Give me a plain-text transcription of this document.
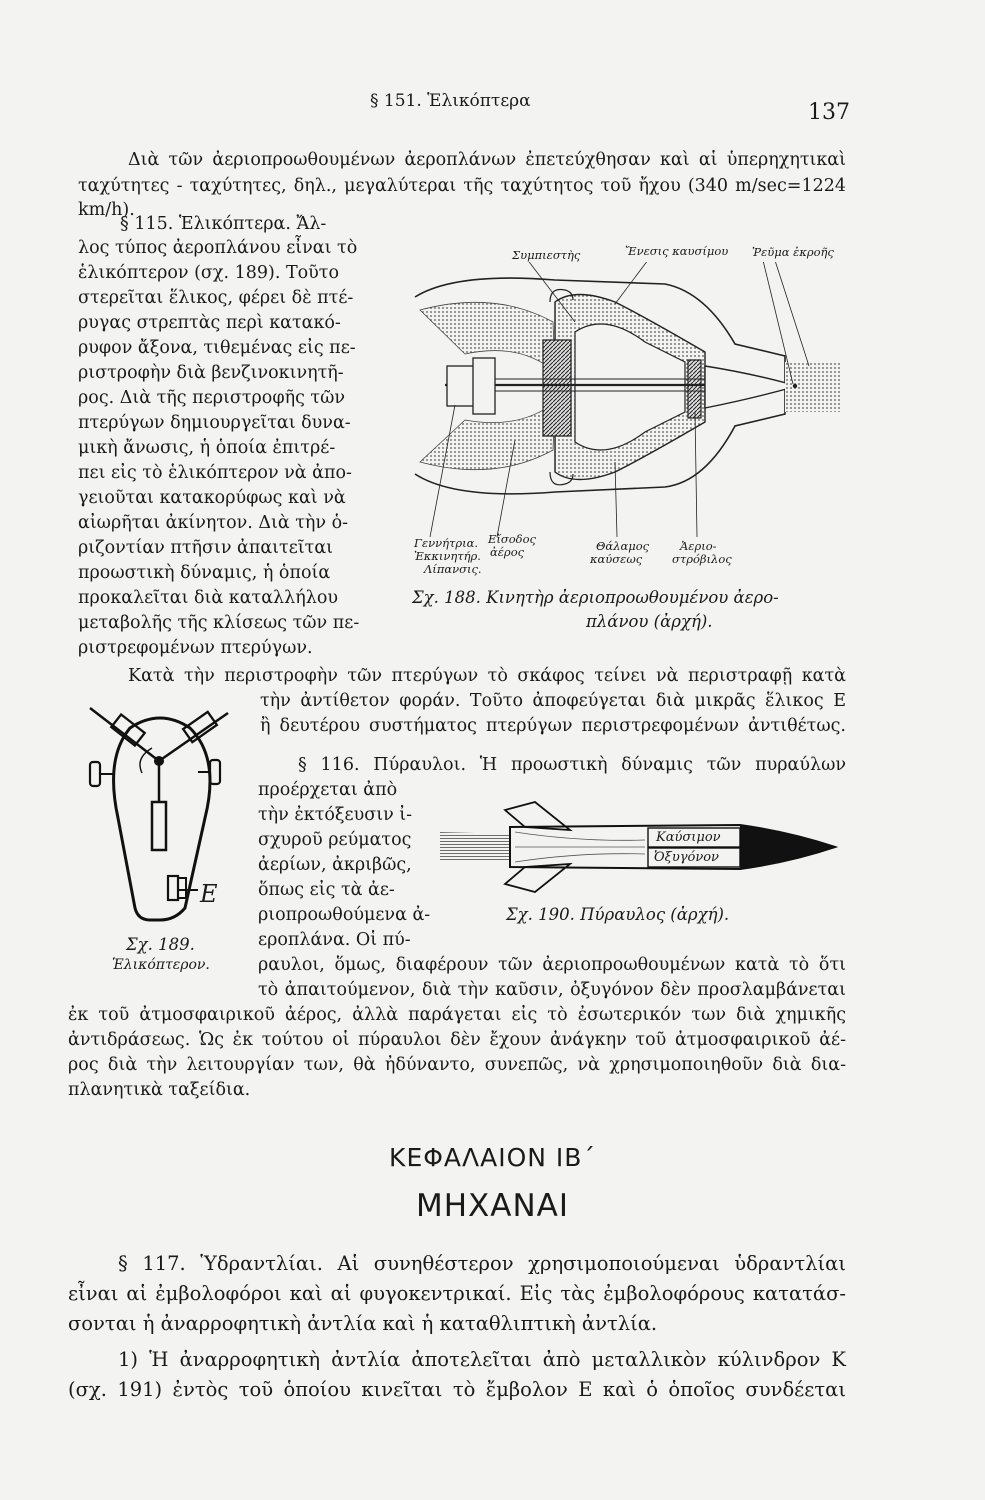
§ 151. Ἑλικόπτερα	137
Διὰ τῶν ἀεριοπροωθουμένων ἀεροπλάνων ἐπετεύχθησαν καὶ αἱ ὑπερηχητικαὶ
ταχύτητες - ταχύτητες, δηλ., μεγαλύτεραι τῆς ταχύτητος τοῦ ἤχου (340 m/sec=1224 km/h).
§ 115. Ἑλικόπτερα. Ἄλ-
λος τύπος ἀεροπλάνου εἶναι τὸ
ἑλικόπτερον (σχ. 189). Τοῦτο
στερεῖται ἕλικος, φέρει δὲ πτέ-
ρυγας στρεπτὰς περὶ κατακό-
ρυφον ἄξονα, τιθεμένας εἰς πε-
ριστροφὴν διὰ βενζινοκινητῆ-
ρος. Διὰ τῆς περιστροφῆς τῶν
πτερύγων δημιουργεῖται δυνα-
μικὴ ἄνωσις, ἡ ὁποία ἐπιτρέ-
πει εἰς τὸ ἑλικόπτερον νὰ ἀπο-
γειοῦται κατακορύφως καὶ νὰ
αἰωρῆται ἀκίνητον. Διὰ τὴν ὁ-
ριζοντίαν πτῆσιν ἀπαιτεῖται
προωστικὴ δύναμις, ἡ ὁποία
προκαλεῖται διὰ καταλλήλου
μεταβολῆς τῆς κλίσεως τῶν πε-
ριστρεφομένων πτερύγων.
Συμπιεστὴς	Ἔνεσις καυσίμου Ῥεῦμα ἐκροῆς
Γεννήτρια.
Ἐκκινητήρ.
Λίπανσις.
Εἴσοδος
ἀέρος	Θάλαμος
καύσεως
Ἀεριο-
στρόβιλος
Σχ. 188. Κινητὴρ ἀεριοπροωθουμένου ἀερο-
πλάνου (ἀρχή).
Κατὰ τὴν περιστροφὴν τῶν πτερύγων τὸ σκάφος τείνει νὰ περιστραφῇ κατὰ
τὴν ἀντίθετον φοράν. Τοῦτο ἀποφεύγεται διὰ μικρᾶς ἕλικος E
ἢ δευτέρου συστήματος πτερύγων περιστρεφομένων ἀντιθέτως.
E
Σχ. 189.
Ἑλικόπτερον.
§ 116. Πύραυλοι. Ἡ προωστικὴ δύναμις τῶν πυραύλων
προέρχεται ἀπὸ
τὴν ἐκτόξευσιν ἰ-
σχυροῦ ρεύματος
ἀερίων, ἀκριβῶς,
ὅπως εἰς τὰ ἀε-
ριοπροωθούμενα ἀ-
εροπλάνα. Οἱ πύ-
Καύσιμον
Ὀξυγόνον
Σχ. 190. Πύραυλος (ἀρχή).
ραυλοι, ὅμως, διαφέρουν τῶν ἀεριοπροωθουμένων κατὰ τὸ ὅτι
τὸ ἀπαιτούμενον, διὰ τὴν καῦσιν, ὀξυγόνον δὲν προσλαμβάνεται
ἐκ τοῦ ἀτμοσφαιρικοῦ ἀέρος, ἀλλὰ παράγεται εἰς τὸ ἐσωτερικόν των διὰ χημικῆς
ἀντιδράσεως. Ὡς ἐκ τούτου οἱ πύραυλοι δὲν ἔχουν ἀνάγκην τοῦ ἀτμοσφαιρικοῦ ἀέ-
ρος διὰ τὴν λειτουργίαν των, θὰ ἠδύναντο, συνεπῶς, νὰ χρησιμοποιηθοῦν διὰ δια-
πλανητικὰ ταξείδια.
ΚΕΦΑΛΑΙΟΝ ΙΒ΄
ΜΗΧΑΝΑΙ
§ 117. Ὑδραντλίαι. Αἱ συνηθέστερον χρησιμοποιούμεναι ὑδραντλίαι
εἶναι αἱ ἐμβολοφόροι καὶ αἱ φυγοκεντρικαί. Εἰς τὰς ἐμβολοφόρους κατατάσ-
σονται ἡ ἀναρροφητικὴ ἀντλία καὶ ἡ καταθλιπτικὴ ἀντλία.
1) Ἡ ἀναρροφητικὴ ἀντλία ἀποτελεῖται ἀπὸ μεταλλικὸν κύλινδρον K
(σχ. 191) ἐντὸς τοῦ ὁποίου κινεῖται τὸ ἔμβολον E καὶ ὁ ὁποῖος συνδέεται
